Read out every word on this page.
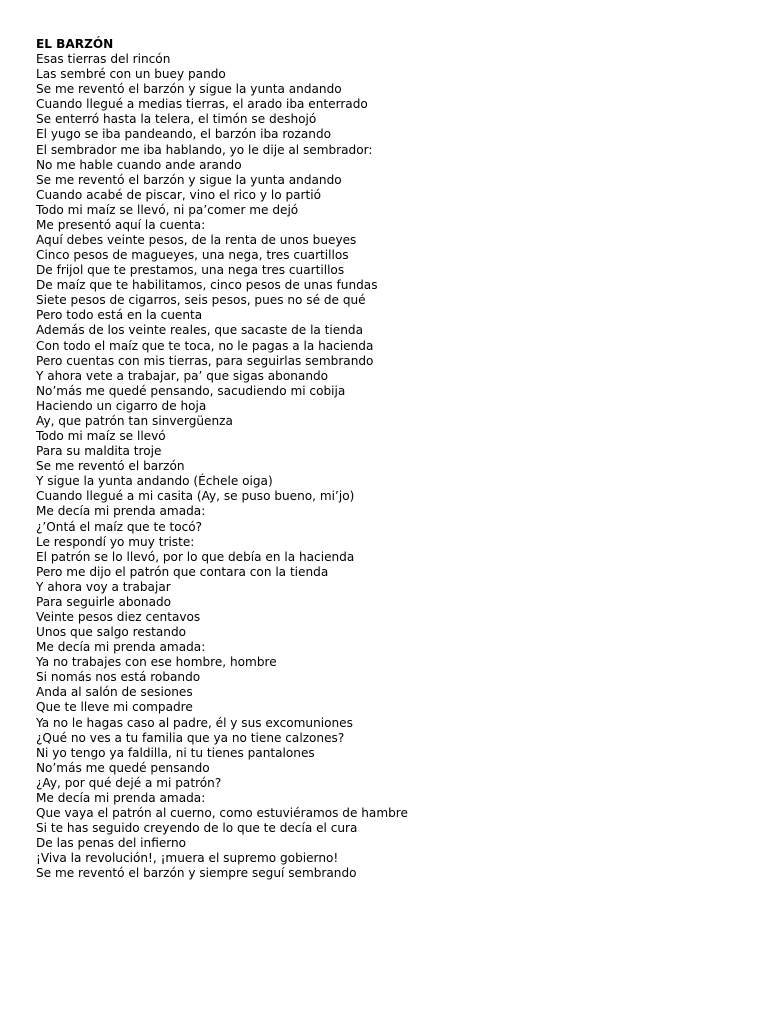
EL BARZÓN

Esas tierras del rincón
Las sembré con un buey pando
Se me reventó el barzón y sigue la yunta andando
Cuando llegué a medias tierras, el arado iba enterrado
Se enterró hasta la telera, el timón se deshojó
El yugo se iba pandeando, el barzón iba rozando
El sembrador me iba hablando, yo le dije al sembrador:
No me hable cuando ande arando
Se me reventó el barzón y sigue la yunta andando
Cuando acabé de piscar, vino el rico y lo partió
Todo mi maíz se llevó, ni pa’comer me dejó
Me presentó aquí la cuenta:
Aquí debes veinte pesos, de la renta de unos bueyes
Cinco pesos de magueyes, una nega, tres cuartillos
De frijol que te prestamos, una nega tres cuartillos
De maíz que te habilitamos, cinco pesos de unas fundas
Siete pesos de cigarros, seis pesos, pues no sé de qué
Pero todo está en la cuenta
Además de los veinte reales, que sacaste de la tienda
Con todo el maíz que te toca, no le pagas a la hacienda
Pero cuentas con mis tierras, para seguirlas sembrando
Y ahora vete a trabajar, pa’ que sigas abonando
No’más me quedé pensando, sacudiendo mi cobija
Haciendo un cigarro de hoja
Ay, que patrón tan sinvergüenza
Todo mi maíz se llevó
Para su maldita troje
Se me reventó el barzón
Y sigue la yunta andando (Échele oiga)
Cuando llegué a mi casita (Ay, se puso bueno, mi’jo)
Me decía mi prenda amada:
¿’Ontá el maíz que te tocó?
Le respondí yo muy triste:
El patrón se lo llevó, por lo que debía en la hacienda
Pero me dijo el patrón que contara con la tienda
Y ahora voy a trabajar
Para seguirle abonado
Veinte pesos diez centavos
Unos que salgo restando
Me decía mi prenda amada:
Ya no trabajes con ese hombre, hombre
Si nomás nos está robando
Anda al salón de sesiones
Que te lleve mi compadre
Ya no le hagas caso al padre, él y sus excomuniones
¿Qué no ves a tu familia que ya no tiene calzones?
Ni yo tengo ya faldilla, ni tu tienes pantalones
No’más me quedé pensando
¿Ay, por qué dejé a mi patrón?
Me decía mi prenda amada:
Que vaya el patrón al cuerno, como estuviéramos de hambre
Si te has seguido creyendo de lo que te decía el cura
De las penas del infierno
¡Viva la revolución!, ¡muera el supremo gobierno!
Se me reventó el barzón y siempre seguí sembrando
